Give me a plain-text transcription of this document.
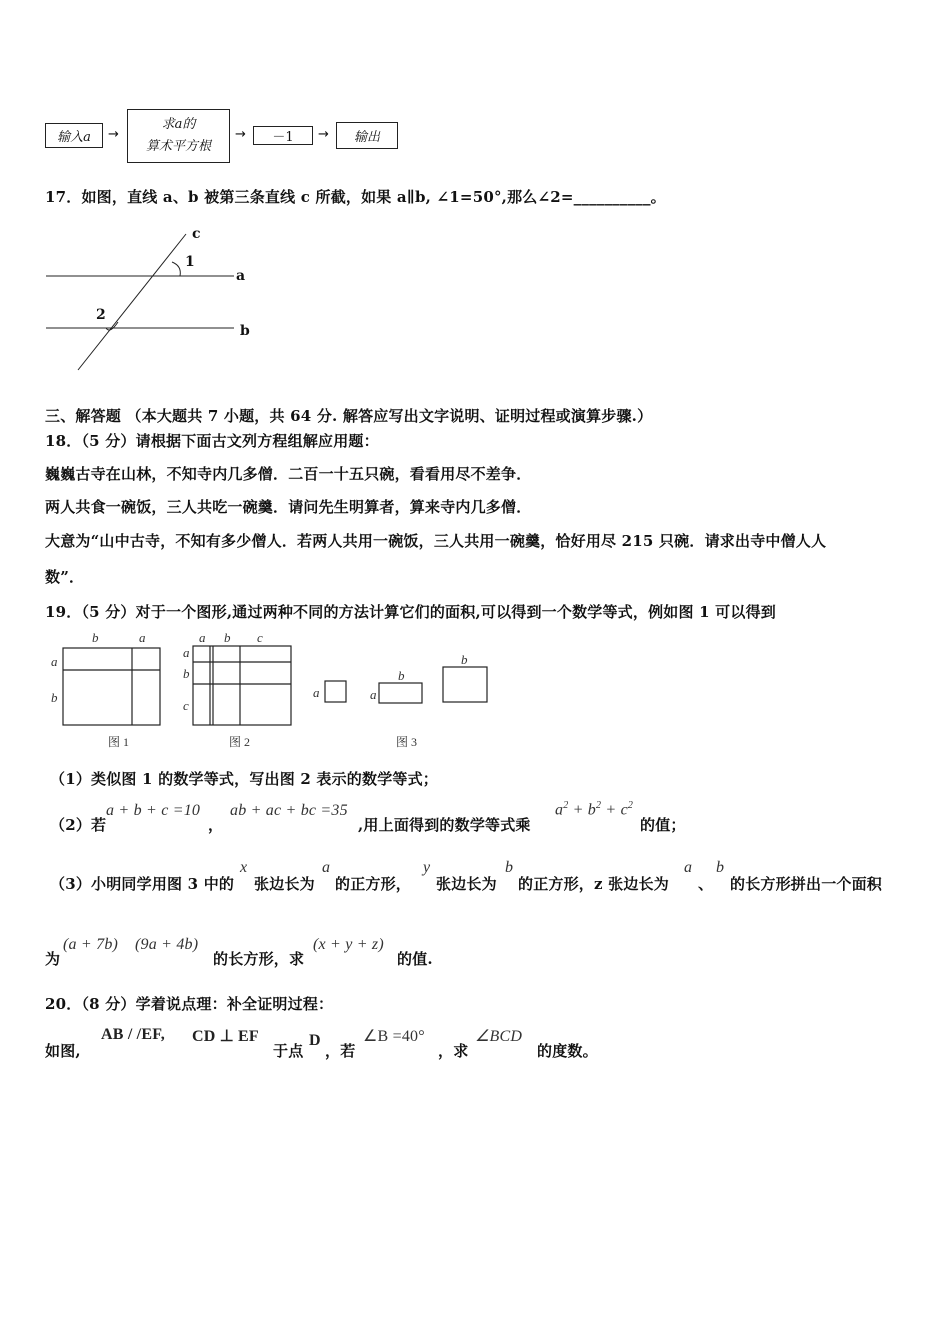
输入a	→
求a的
算术平方根
→	－1	→	输出
17．如图，直线 a、b 被第三条直线 c 所截，如果 a∥b, ∠1=50°,那么∠2=__________。
c
1
a
2
b
三、解答题 （本大题共 7 小题，共 64 分. 解答应写出文字说明、证明过程或演算步骤.）
18．（5 分）请根据下面古文列方程组解应用题：
巍巍古寺在山林，不知寺内几多僧．二百一十五只碗，看看用尽不差争．
两人共食一碗饭，三人共吃一碗羹．请问先生明算者，算来寺内几多僧．
大意为“山中古寺，不知有多少僧人．若两人共用一碗饭，三人共用一碗羹，恰好用尽 215 只碗．请求出寺中僧人人
数”．
19．（5 分）对于一个图形,通过两种不同的方法计算它们的面积,可以得到一个数学等式，例如图 1 可以得到
b	a
a
b
图 1
a b c
a
b
c
图 2
a	a
b
b
图 3
（1）类似图 1 的数学等式，写出图 2 表示的数学等式；
（2）若
a + b + c =10
，
ab + ac + bc =35
,用上面得到的数学等式乘
$a^2 + b^2 + c^2$
的值；
（3）小明同学用图 3 中的
x
张边长为
a
的正方形，
y
张边长为
b
的正方形，z 张边长为
a
、
b
的长方形拼出一个面积
为
(a + 7b) (9a + 4b)
的长方形，求
(x + y + z)
的值.
20．（8 分）学着说点理：补全证明过程：
如图,
AB / /EF, CD ⊥ EF
于点
D
，若
∠B =40°
，求
∠BCD
的度数。
